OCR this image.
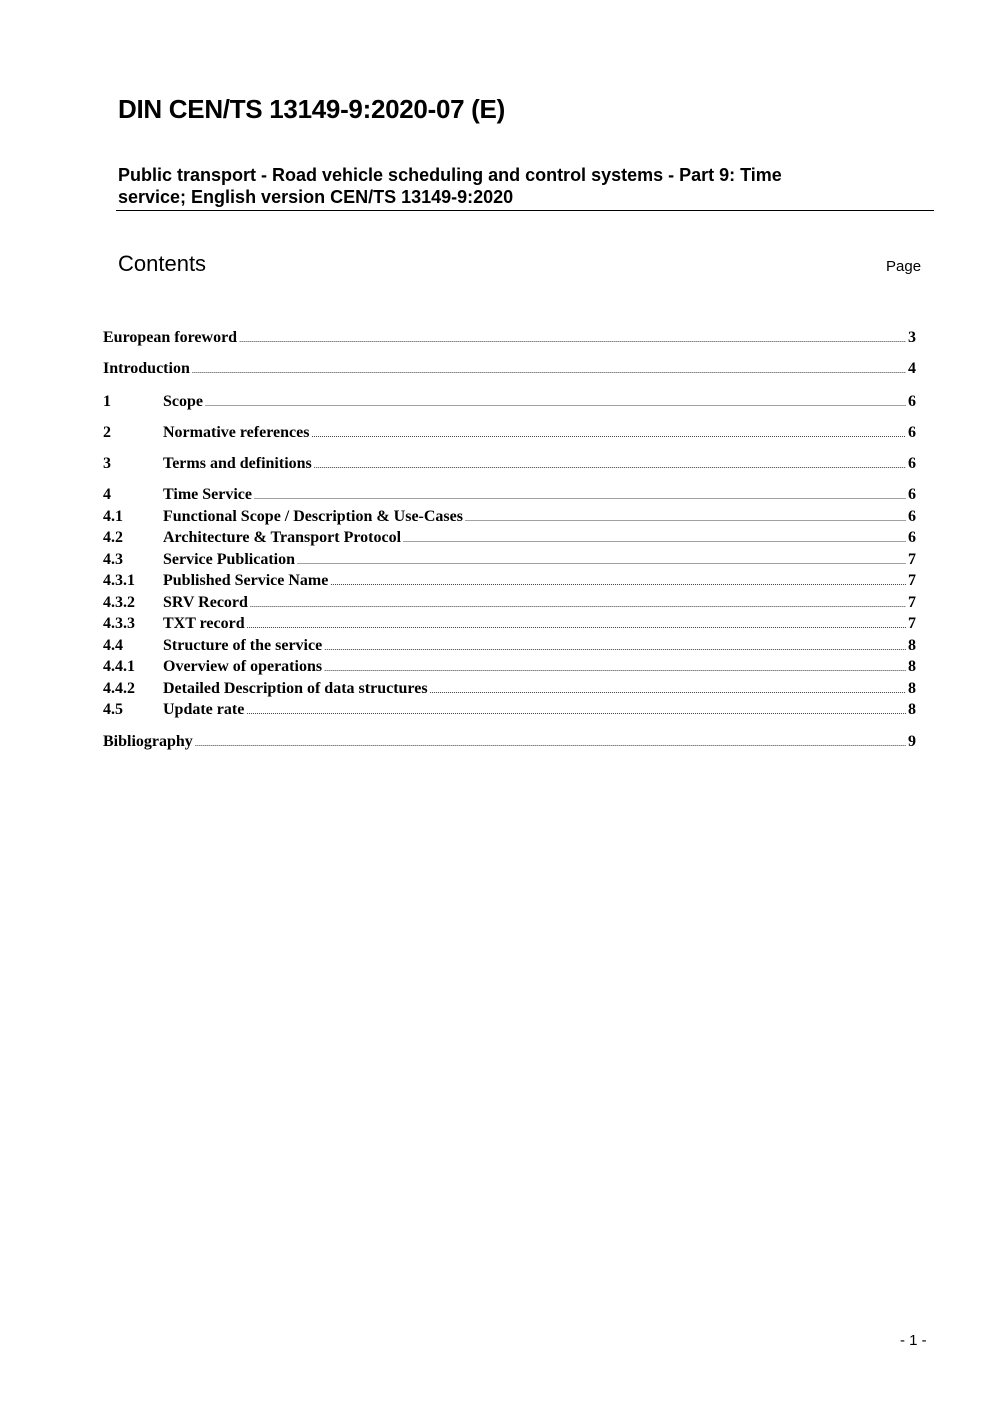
DIN CEN/TS 13149-9:2020-07 (E)
Public transport - Road vehicle scheduling and control systems - Part 9: Time
service; English version CEN/TS 13149-9:2020
Contents	Page
European foreword .....	3
Introduction .....	4
1	Scope .....	6
2	Normative references .....	6
3	Terms and definitions .....	6
4	Time Service .....	6
4.1	Functional Scope / Description & Use-Cases .....	6
4.2	Architecture & Transport Protocol .....	6
4.3	Service Publication .....	7
4.3.1	Published Service Name .....	7
4.3.2	SRV Record .....	7
4.3.3	TXT record .....	7
4.4	Structure of the service .....	8
4.4.1	Overview of operations .....	8
4.4.2	Detailed Description of data structures .....	8
4.5	Update rate .....	8
Bibliography .....	9
- 1 -
